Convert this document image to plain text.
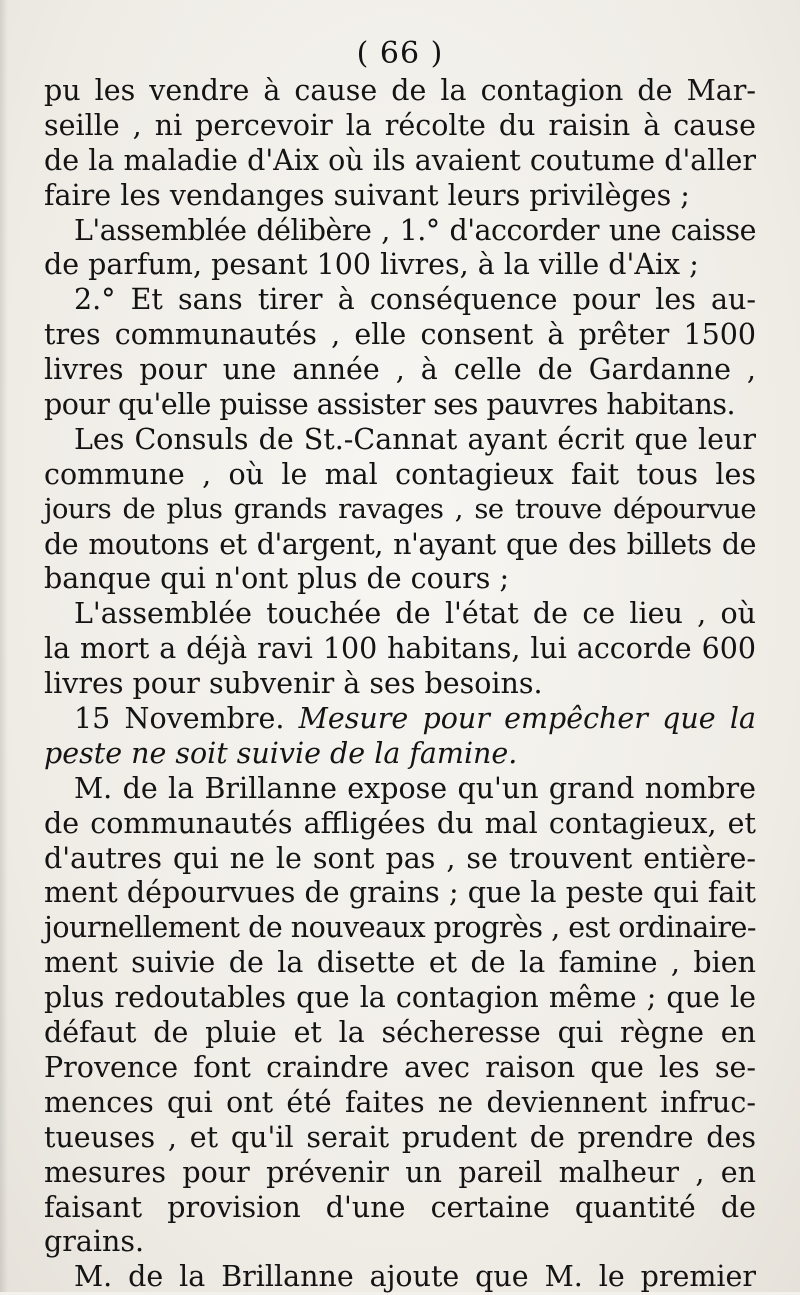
( 66 )
pu les vendre à cause de la contagion de Mar-
seille , ni percevoir la récolte du raisin à cause
de la maladie d'Aix où ils avaient coutume d'aller
faire les vendanges suivant leurs privilèges ;
L'assemblée délibère , 1.° d'accorder une caisse
de parfum, pesant 100 livres, à la ville d'Aix ;
2.° Et sans tirer à conséquence pour les au-
tres communautés , elle consent à prêter 1500
livres pour une année , à celle de Gardanne ,
pour qu'elle puisse assister ses pauvres habitans.
Les Consuls de St.-Cannat ayant écrit que leur
commune , où le mal contagieux fait tous les
jours de plus grands ravages , se trouve dépourvue
de moutons et d'argent, n'ayant que des billets de
banque qui n'ont plus de cours ;
L'assemblée touchée de l'état de ce lieu , où
la mort a déjà ravi 100 habitans, lui accorde 600
livres pour subvenir à ses besoins.
15 Novembre. Mesure pour empêcher que la
peste ne soit suivie de la famine.
M. de la Brillanne expose qu'un grand nombre
de communautés affligées du mal contagieux, et
d'autres qui ne le sont pas , se trouvent entière-
ment dépourvues de grains ; que la peste qui fait
journellement de nouveaux progrès , est ordinaire-
ment suivie de la disette et de la famine , bien
plus redoutables que la contagion même ; que le
défaut de pluie et la sécheresse qui règne en
Provence font craindre avec raison que les se-
mences qui ont été faites ne deviennent infruc-
tueuses , et qu'il serait prudent de prendre des
mesures pour prévenir un pareil malheur , en
faisant provision d'une certaine quantité de
grains.
M. de la Brillanne ajoute que M. le premier
